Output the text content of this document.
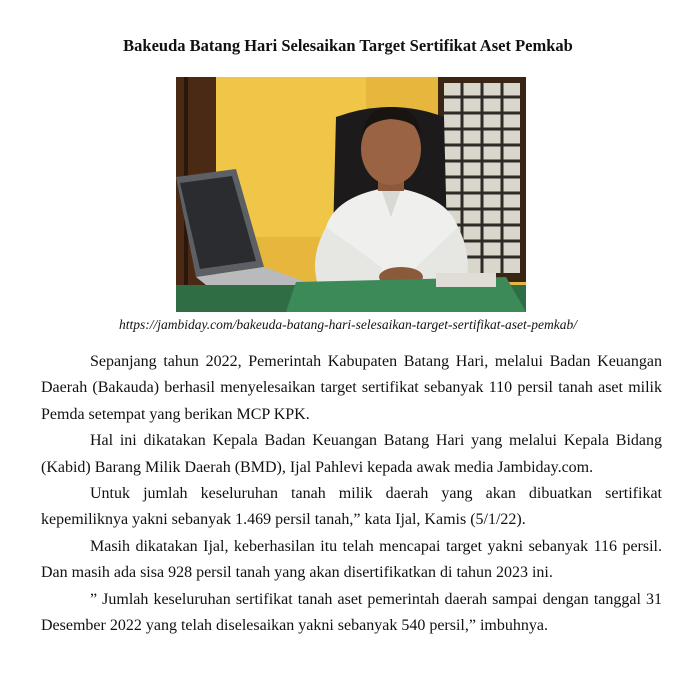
Bakeuda Batang Hari Selesaikan Target Sertifikat Aset Pemkab
https://jambiday.com/bakeuda-batang-hari-selesaikan-target-sertifikat-aset-pemkab/

Sepanjang tahun 2022, Pemerintah Kabupaten Batang Hari, melalui Badan Keuangan Daerah (Bakauda) berhasil menyelesaikan target sertifikat sebanyak 110 persil tanah aset milik Pemda setempat yang berikan MCP KPK.

Hal ini dikatakan Kepala Badan Keuangan Batang Hari yang melalui Kepala Bidang (Kabid) Barang Milik Daerah (BMD), Ijal Pahlevi kepada awak media Jambiday.com.

Untuk jumlah keseluruhan tanah milik daerah yang akan dibuatkan sertifikat kepemiliknya yakni sebanyak 1.469 persil tanah,” kata Ijal, Kamis (5/1/22).

Masih dikatakan Ijal, keberhasilan itu telah mencapai target yakni sebanyak 116 persil. Dan masih ada sisa 928 persil tanah yang akan disertifikatkan di tahun 2023 ini.

” Jumlah keseluruhan sertifikat tanah aset pemerintah daerah sampai dengan tanggal 31 Desember 2022 yang telah diselesaikan yakni sebanyak 540 persil,” imbuhnya.
